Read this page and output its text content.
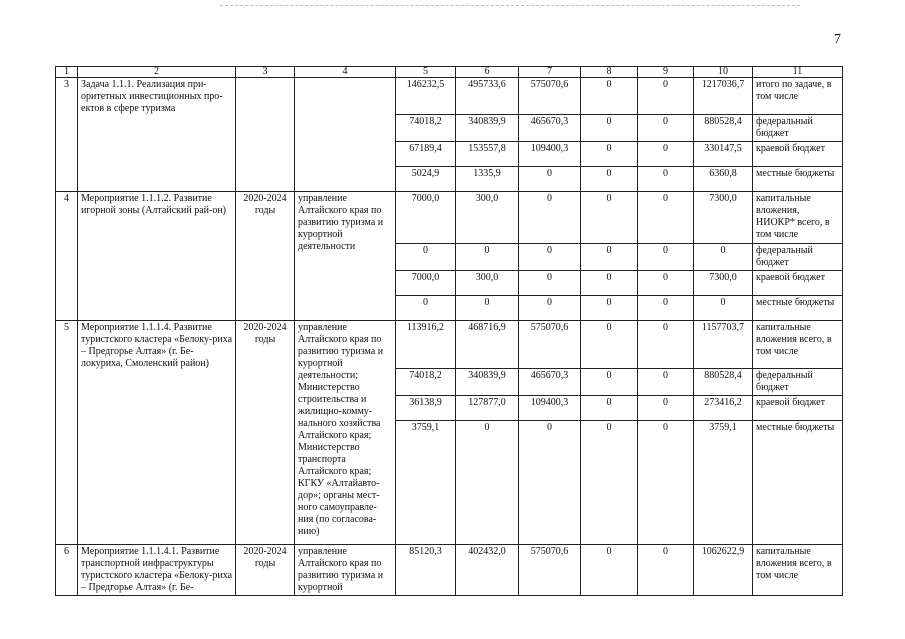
7
1	2	3	4	5	6	7	8	9	10	11
3	Задача 1.1.1. Реализация при-оритетных инвестиционных про-ектов в сфере туризма			146232,5	495733,6	575070,6	0	0	1217036,7	итого по задаче, в том числе
				74018,2	340839,9	465670,3	0	0	880528,4	федеральный бюджет
				67189,4	153557,8	109400,3	0	0	330147,5	краевой бюджет
				5024,9	1335,9	0	0	0	6360,8	местные бюджеты
4	Мероприятие 1.1.1.2. Развитие игорной зоны (Алтайский рай-он)	2020-2024 годы	управление Алтайского края по развитию туризма и курортной деятельности	7000,0	300,0	0	0	0	7300,0	капитальные вложения, НИОКР* всего, в том числе
				0	0	0	0	0	0	федеральный бюджет
				7000,0	300,0	0	0	0	7300,0	краевой бюджет
				0	0	0	0	0	0	местные бюджеты
5	Мероприятие 1.1.1.4. Развитие туристского кластера «Белоку-риха – Предгорье Алтая» (г. Бе-локуриха, Смоленский район)	2020-2024 годы	управление Алтайского края по развитию туризма и курортной деятельности; Министерство строительства и жилищно-комму-нального хозяйства Алтайского края; Министерство транспорта Алтайского края; КГКУ «Алтайавто-дор»; органы мест-ного самоуправле-ния (по согласова-нию)	113916,2	468716,9	575070,6	0	0	1157703,7	капитальные вложения всего, в том числе
				74018,2	340839,9	465670,3	0	0	880528,4	федеральный бюджет
				36138,9	127877,0	109400,3	0	0	273416,2	краевой бюджет
				3759,1	0	0	0	0	3759,1	местные бюджеты
6	Мероприятие 1.1.1.4.1. Развитие транспортной инфраструктуры туристского кластера «Белоку-риха – Предгорье Алтая» (г. Бе-	2020-2024 годы	управление Алтайского края по развитию туризма и курортной	85120,3	402432,0	575070,6	0	0	1062622,9	капитальные вложения всего, в том числе
